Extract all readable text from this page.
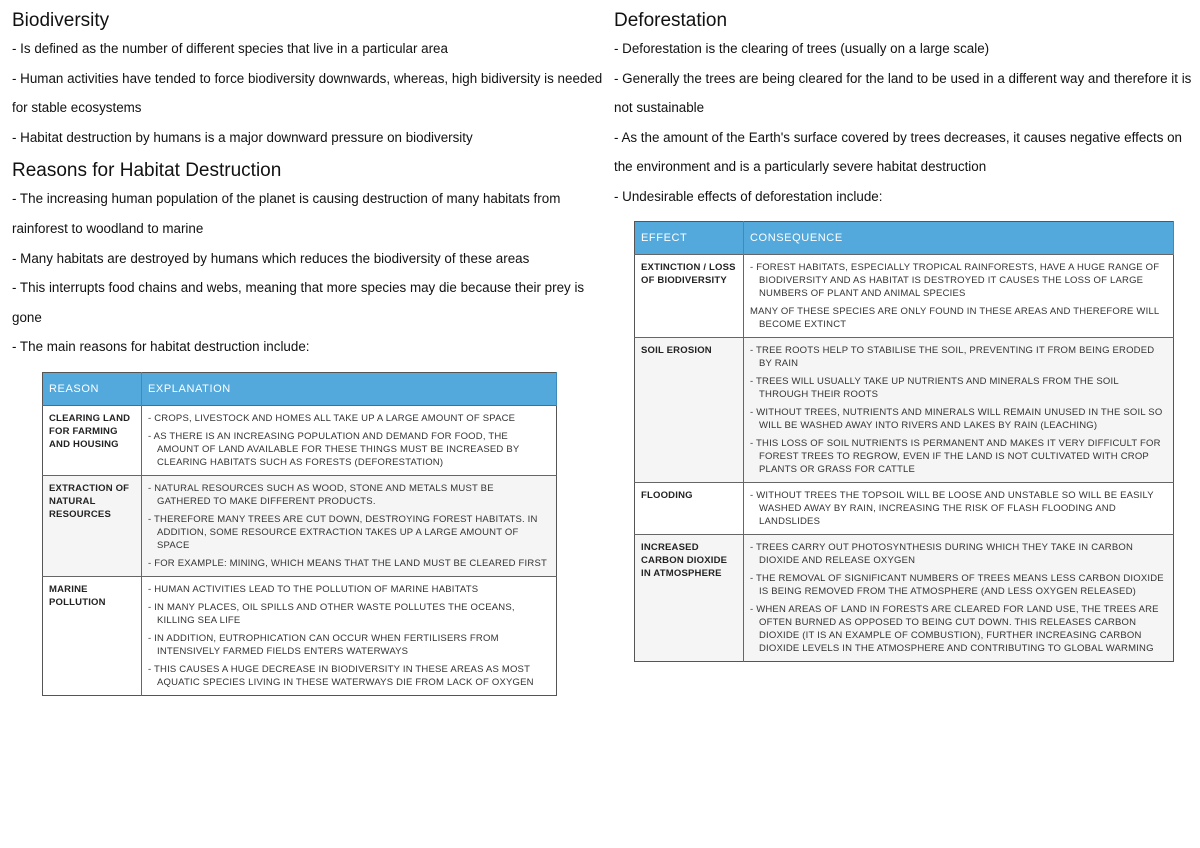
Biodiversity

- Is defined as the number of different species that live in a particular area

- Human activities have tended to force biodiversity downwards, whereas, high bidiversity is needed for stable ecosystems

- Habitat destruction by humans is a major downward pressure on biodiversity

Reasons for Habitat Destruction

- The increasing human population of the planet is causing destruction of many habitats from rainforest to woodland to marine

- Many habitats are destroyed by humans which reduces the biodiversity of these areas

- This interrupts food chains and webs, meaning that more species may die because their prey is gone

- The main reasons for habitat destruction include:

REASON	EXPLANATION
CLEARING LAND FOR FARMING AND HOUSING	- CROPS, LIVESTOCK AND HOMES ALL TAKE UP A LARGE AMOUNT OF SPACE
- AS THERE IS AN INCREASING POPULATION AND DEMAND FOR FOOD, THE AMOUNT OF LAND AVAILABLE FOR THESE THINGS MUST BE INCREASED BY CLEARING HABITATS SUCH AS FORESTS (DEFORESTATION)

EXTRACTION OF NATURAL RESOURCES	- NATURAL RESOURCES SUCH AS WOOD, STONE AND METALS MUST BE GATHERED TO MAKE DIFFERENT PRODUCTS.
- THEREFORE MANY TREES ARE CUT DOWN, DESTROYING FOREST HABITATS. IN ADDITION, SOME RESOURCE EXTRACTION TAKES UP A LARGE AMOUNT OF SPACE
- FOR EXAMPLE: MINING, WHICH MEANS THAT THE LAND MUST BE CLEARED FIRST

MARINE POLLUTION	- HUMAN ACTIVITIES LEAD TO THE POLLUTION OF MARINE HABITATS
- IN MANY PLACES, OIL SPILLS AND OTHER WASTE POLLUTES THE OCEANS, KILLING SEA LIFE
- IN ADDITION, EUTROPHICATION CAN OCCUR WHEN FERTILISERS FROM INTENSIVELY FARMED FIELDS ENTERS WATERWAYS
- THIS CAUSES A HUGE DECREASE IN BIODIVERSITY IN THESE AREAS AS MOST AQUATIC SPECIES LIVING IN THESE WATERWAYS DIE FROM LACK OF OXYGEN
Deforestation

- Deforestation is the clearing of trees (usually on a large scale)

- Generally the trees are being cleared for the land to be used in a different way and therefore it is not sustainable

- As the amount of the Earth's surface covered by trees decreases, it causes negative effects on the environment and is a particularly severe habitat destruction

- Undesirable effects of deforestation include:

EFFECT	CONSEQUENCE
EXTINCTION / LOSS OF BIODIVERSITY	- FOREST HABITATS, ESPECIALLY TROPICAL RAINFORESTS, HAVE A HUGE RANGE OF BIODIVERSITY AND AS HABITAT IS DESTROYED IT CAUSES THE LOSS OF LARGE NUMBERS OF PLANT AND ANIMAL SPECIES
MANY OF THESE SPECIES ARE ONLY FOUND IN THESE AREAS AND THEREFORE WILL BECOME EXTINCT

SOIL EROSION	- TREE ROOTS HELP TO STABILISE THE SOIL, PREVENTING IT FROM BEING ERODED BY RAIN
- TREES WILL USUALLY TAKE UP NUTRIENTS AND MINERALS FROM THE SOIL THROUGH THEIR ROOTS
- WITHOUT TREES, NUTRIENTS AND MINERALS WILL REMAIN UNUSED IN THE SOIL SO WILL BE WASHED AWAY INTO RIVERS AND LAKES BY RAIN (LEACHING)
- THIS LOSS OF SOIL NUTRIENTS IS PERMANENT AND MAKES IT VERY DIFFICULT FOR FOREST TREES TO REGROW, EVEN IF THE LAND IS NOT CULTIVATED WITH CROP PLANTS OR GRASS FOR CATTLE

FLOODING	- WITHOUT TREES THE TOPSOIL WILL BE LOOSE AND UNSTABLE SO WILL BE EASILY WASHED AWAY BY RAIN, INCREASING THE RISK OF FLASH FLOODING AND LANDSLIDES

INCREASED CARBON DIOXIDE IN ATMOSPHERE	- TREES CARRY OUT PHOTOSYNTHESIS DURING WHICH THEY TAKE IN CARBON DIOXIDE AND RELEASE OXYGEN
- THE REMOVAL OF SIGNIFICANT NUMBERS OF TREES MEANS LESS CARBON DIOXIDE IS BEING REMOVED FROM THE ATMOSPHERE (AND LESS OXYGEN RELEASED)
- WHEN AREAS OF LAND IN FORESTS ARE CLEARED FOR LAND USE, THE TREES ARE OFTEN BURNED AS OPPOSED TO BEING CUT DOWN. THIS RELEASES CARBON DIOXIDE (IT IS AN EXAMPLE OF COMBUSTION), FURTHER INCREASING CARBON DIOXIDE LEVELS IN THE ATMOSPHERE AND CONTRIBUTING TO GLOBAL WARMING
